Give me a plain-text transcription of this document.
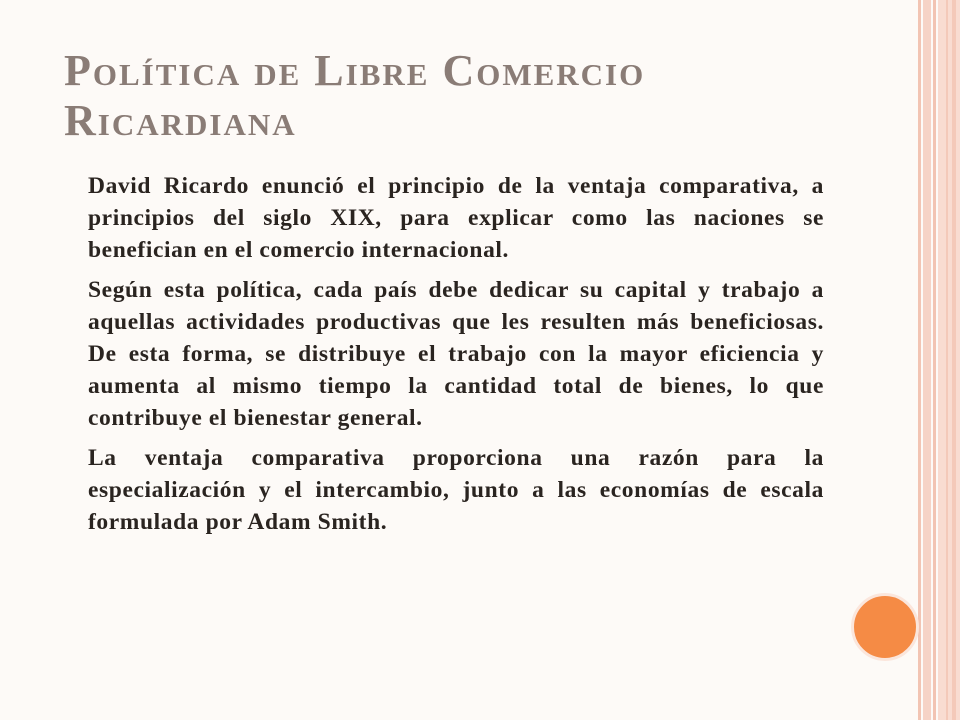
Política de Libre Comercio Ricardiana

David Ricardo enunció el principio de la ventaja comparativa, a principios del siglo XIX, para explicar como las naciones se benefician en el comercio internacional.

Según esta política, cada país debe dedicar su capital y trabajo a aquellas actividades productivas que les resulten más beneficiosas. De esta forma, se distribuye el trabajo con la mayor eficiencia y aumenta al mismo tiempo la cantidad total de bienes, lo que contribuye el bienestar general.

La ventaja comparativa proporciona una razón para la especialización y el intercambio, junto a las economías de escala formulada por Adam Smith.
